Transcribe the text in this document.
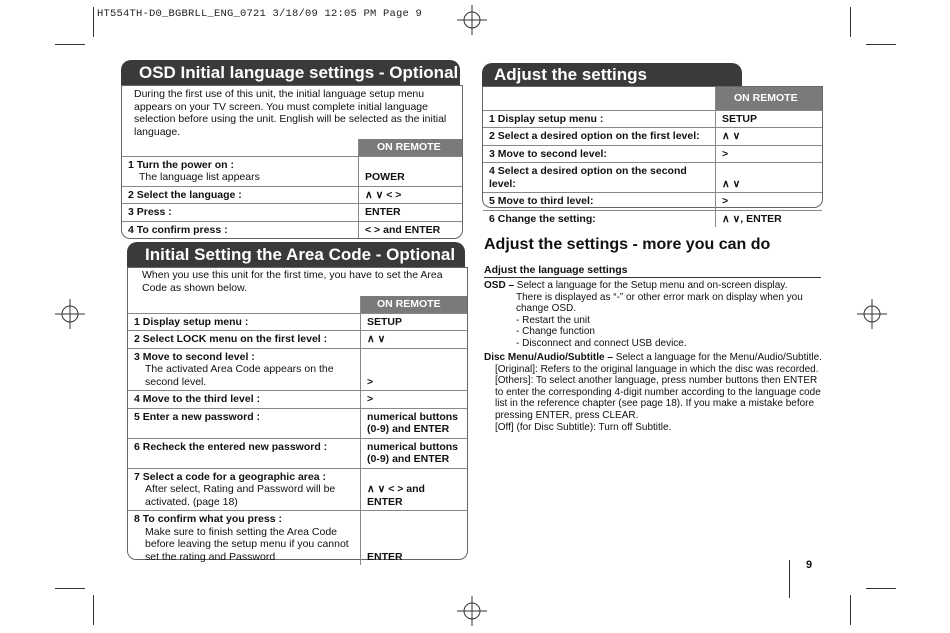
HT554TH-D0_BGBRLL_ENG_0721 3/18/09 12:05 PM Page 9
OSD Initial language settings - Optional
During the first use of this unit, the initial language setup menu appears on your TV screen. You must complete initial language selection before using the unit. English will be selected as the initial language.
	ON REMOTE
1 Turn the power on :
The language list appears	POWER
2 Select the language :	∧ ∨ < >
3 Press :	ENTER
4 To confirm press :	< > and ENTER
Initial Setting the Area Code - Optional
When you use this unit for the first time, you have to set the Area Code as shown below.
	ON REMOTE
1 Display setup menu :	SETUP
2 Select LOCK menu on the first level :	∧ ∨
3 Move to second level :
The activated Area Code appears on the second level.	>
4 Move to the third level :	>
5 Enter a new password :	numerical buttons (0-9) and ENTER
6 Recheck the entered new password :	numerical buttons (0-9) and ENTER
7 Select a code for a geographic area :
After select, Rating and Password will be activated. (page 18)	∧ ∨ < > and ENTER
8 To confirm what you press :
Make sure to finish setting the Area Code before leaving the setup menu if you cannot set the rating and Password	ENTER
Adjust the settings
	ON REMOTE
1 Display setup menu :	SETUP
2 Select a desired option on the first level:	∧ ∨
3 Move to second level:	>
4 Select a desired option on the second level:	∧ ∨
5 Move to third level:	>
6 Change the setting:	∧ ∨, ENTER
Adjust the settings - more you can do
Adjust the language settings
OSD – Select a language for the Setup menu and on-screen display.
There is displayed as “-” or other error mark on display when you change OSD.
- Restart the unit
- Change function
- Disconnect and connect USB device.
Disc Menu/Audio/Subtitle – Select a language for the Menu/Audio/Subtitle.
[Original]: Refers to the original language in which the disc was recorded.
[Others]: To select another language, press number buttons then ENTER to enter the corresponding 4-digit number according to the language code list in the reference chapter (see page 18). If you make a mistake before pressing ENTER, press CLEAR.
[Off] (for Disc Subtitle): Turn off Subtitle.
9
